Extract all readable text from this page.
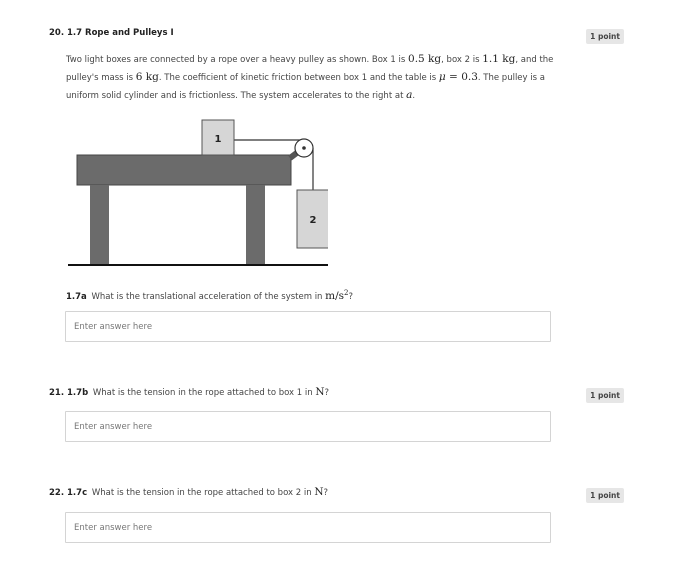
20. 1.7 Rope and Pulleys I	1 point
Two light boxes are connected by a rope over a heavy pulley as shown. Box 1 is 0.5 kg, box 2 is 1.1 kg, and the pulley's mass is 6 kg. The coefficient of kinetic friction between box 1 and the table is μ = 0.3. The pulley is a uniform solid cylinder and is frictionless. The system accelerates to the right at a.
1
2
1.7a What is the translational acceleration of the system in $m/s^2$?
Enter answer here
21. 1.7b What is the tension in the rope attached to box 1 in N?	1 point
Enter answer here
22. 1.7c What is the tension in the rope attached to box 2 in N?	1 point
Enter answer here
